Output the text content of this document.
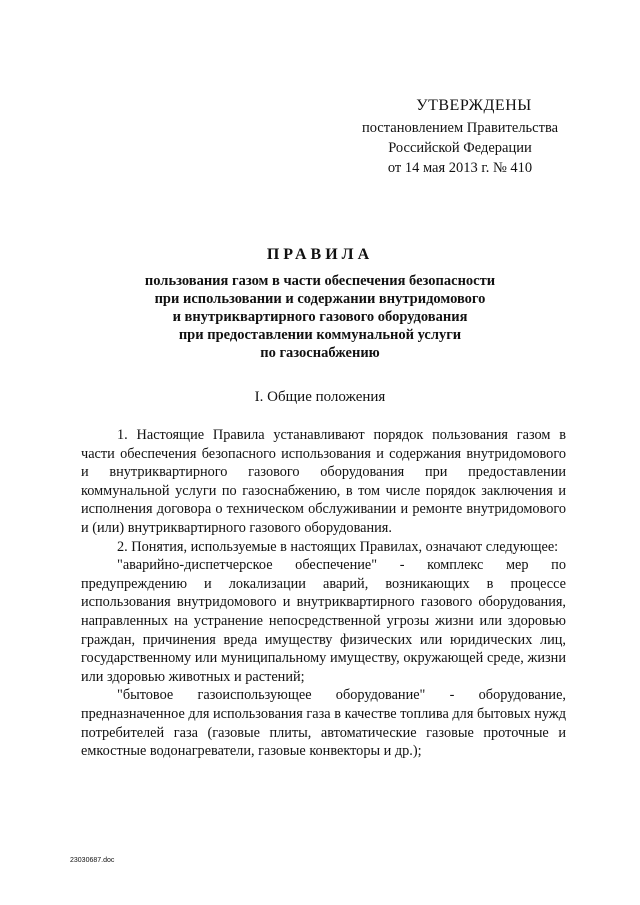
УТВЕРЖДЕНЫ
постановлением Правительства
Российской Федерации
от 14 мая 2013 г. № 410
ПРАВИЛА
пользования газом в части обеспечения безопасности
при использовании и содержании внутридомового
и внутриквартирного газового оборудования
при предоставлении коммунальной услуги
по газоснабжению
I. Общие положения

1. Настоящие Правила устанавливают порядок пользования газом в части обеспечения безопасного использования и содержания внутридомового и внутриквартирного газового оборудования при предоставлении коммунальной услуги по газоснабжению, в том числе порядок заключения и исполнения договора о техническом обслуживании и ремонте внутридомового и (или) внутриквартирного газового оборудования.

2. Понятия, используемые в настоящих Правилах, означают следующее:

"аварийно-диспетчерское обеспечение" - комплекс мер по предупреждению и локализации аварий, возникающих в процессе использования внутридомового и внутриквартирного газового оборудования, направленных на устранение непосредственной угрозы жизни или здоровью граждан, причинения вреда имуществу физических или юридических лиц, государственному или муниципальному имуществу, окружающей среде, жизни или здоровью животных и растений;

"бытовое газоиспользующее оборудование" - оборудование, предназначенное для использования газа в качестве топлива для бытовых нужд потребителей газа (газовые плиты, автоматические газовые проточные и емкостные водонагреватели, газовые конвекторы и др.);

23030687.doc
